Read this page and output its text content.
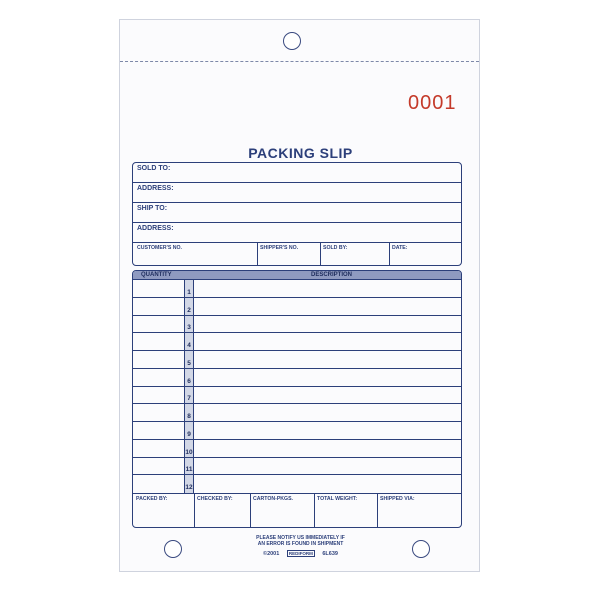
0001
PACKING SLIP
SOLD TO:
ADDRESS:
SHIP TO:
ADDRESS:
CUSTOMER'S NO.	SHIPPER'S NO.	SOLD BY:	DATE:
QUANTITY	DESCRIPTION
1
2
3
4
5
6
7
8
9
10
11
12
PACKED BY:	CHECKED BY:	CARTON-PKGS.	TOTAL WEIGHT:	SHIPPED VIA:
PLEASE NOTIFY US IMMEDIATELY IF
AN ERROR IS FOUND IN SHIPMENT
©2001 REDIFORM 6L639
